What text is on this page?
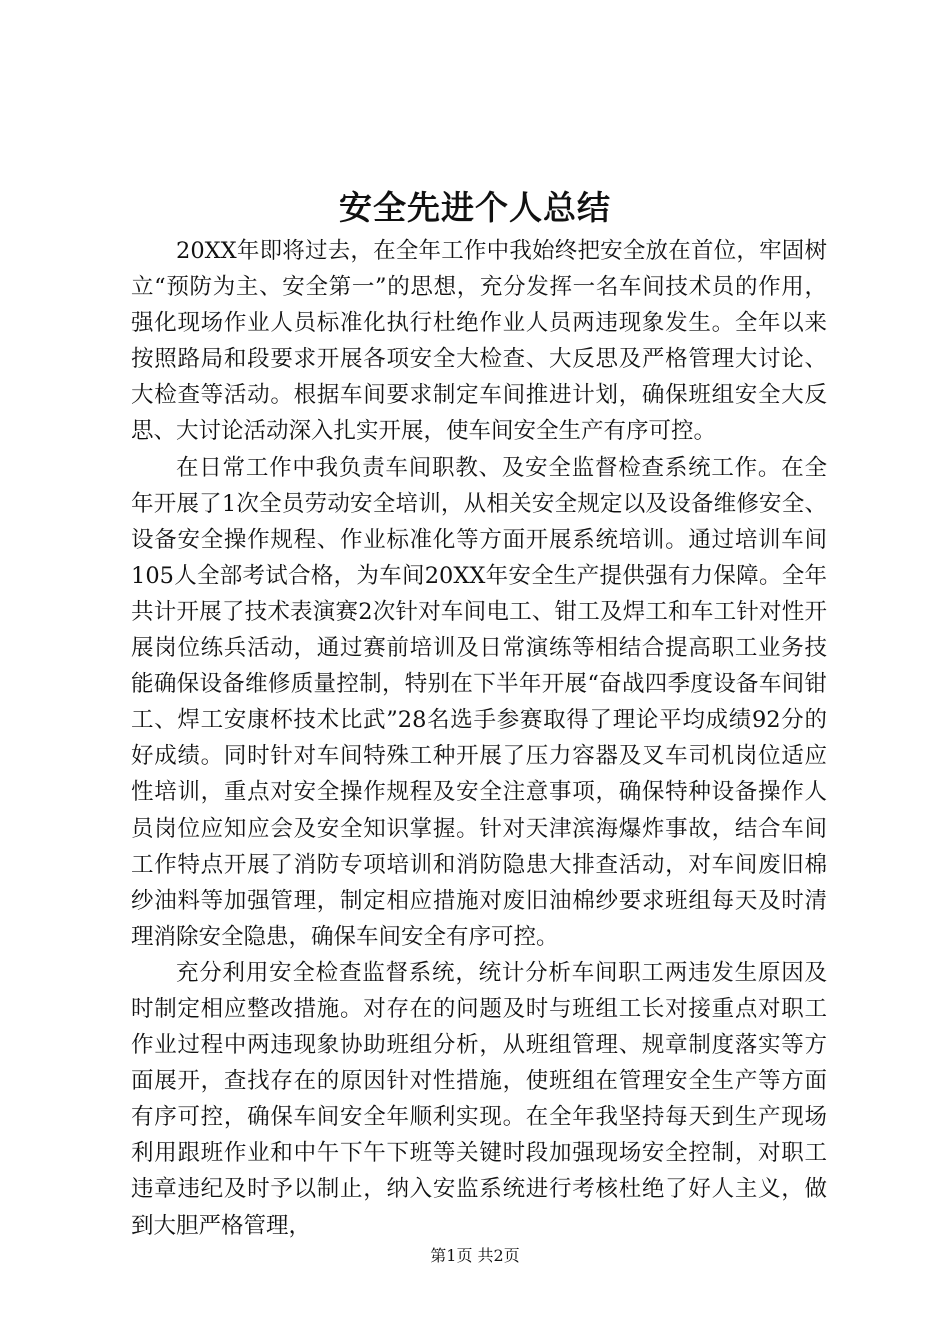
安全先进个人总结

20XX年即将过去，在全年工作中我始终把安全放在首位，牢固树立“预防为主、安全第一”的思想，充分发挥一名车间技术员的作用，强化现场作业人员标准化执行杜绝作业人员两违现象发生。全年以来按照路局和段要求开展各项安全大检查、大反思及严格管理大讨论、大检查等活动。根据车间要求制定车间推进计划，确保班组安全大反思、大讨论活动深入扎实开展，使车间安全生产有序可控。

在日常工作中我负责车间职教、及安全监督检查系统工作。在全年开展了1次全员劳动安全培训，从相关安全规定以及设备维修安全、设备安全操作规程、作业标准化等方面开展系统培训。通过培训车间105人全部考试合格，为车间20XX年安全生产提供强有力保障。全年共计开展了技术表演赛2次针对车间电工、钳工及焊工和车工针对性开展岗位练兵活动，通过赛前培训及日常演练等相结合提高职工业务技能确保设备维修质量控制，特别在下半年开展“奋战四季度设备车间钳工、焊工安康杯技术比武”28名选手参赛取得了理论平均成绩92分的好成绩。同时针对车间特殊工种开展了压力容器及叉车司机岗位适应性培训，重点对安全操作规程及安全注意事项，确保特种设备操作人员岗位应知应会及安全知识掌握。针对天津滨海爆炸事故，结合车间工作特点开展了消防专项培训和消防隐患大排查活动，对车间废旧棉纱油料等加强管理，制定相应措施对废旧油棉纱要求班组每天及时清理消除安全隐患，确保车间安全有序可控。

充分利用安全检查监督系统，统计分析车间职工两违发生原因及时制定相应整改措施。对存在的问题及时与班组工长对接重点对职工作业过程中两违现象协助班组分析，从班组管理、规章制度落实等方面展开，查找存在的原因针对性措施，使班组在管理安全生产等方面有序可控，确保车间安全年顺利实现。在全年我坚持每天到生产现场利用跟班作业和中午下午下班等关键时段加强现场安全控制，对职工违章违纪及时予以制止，纳入安监系统进行考核杜绝了好人主义，做到大胆严格管理，

第1页 共2页
